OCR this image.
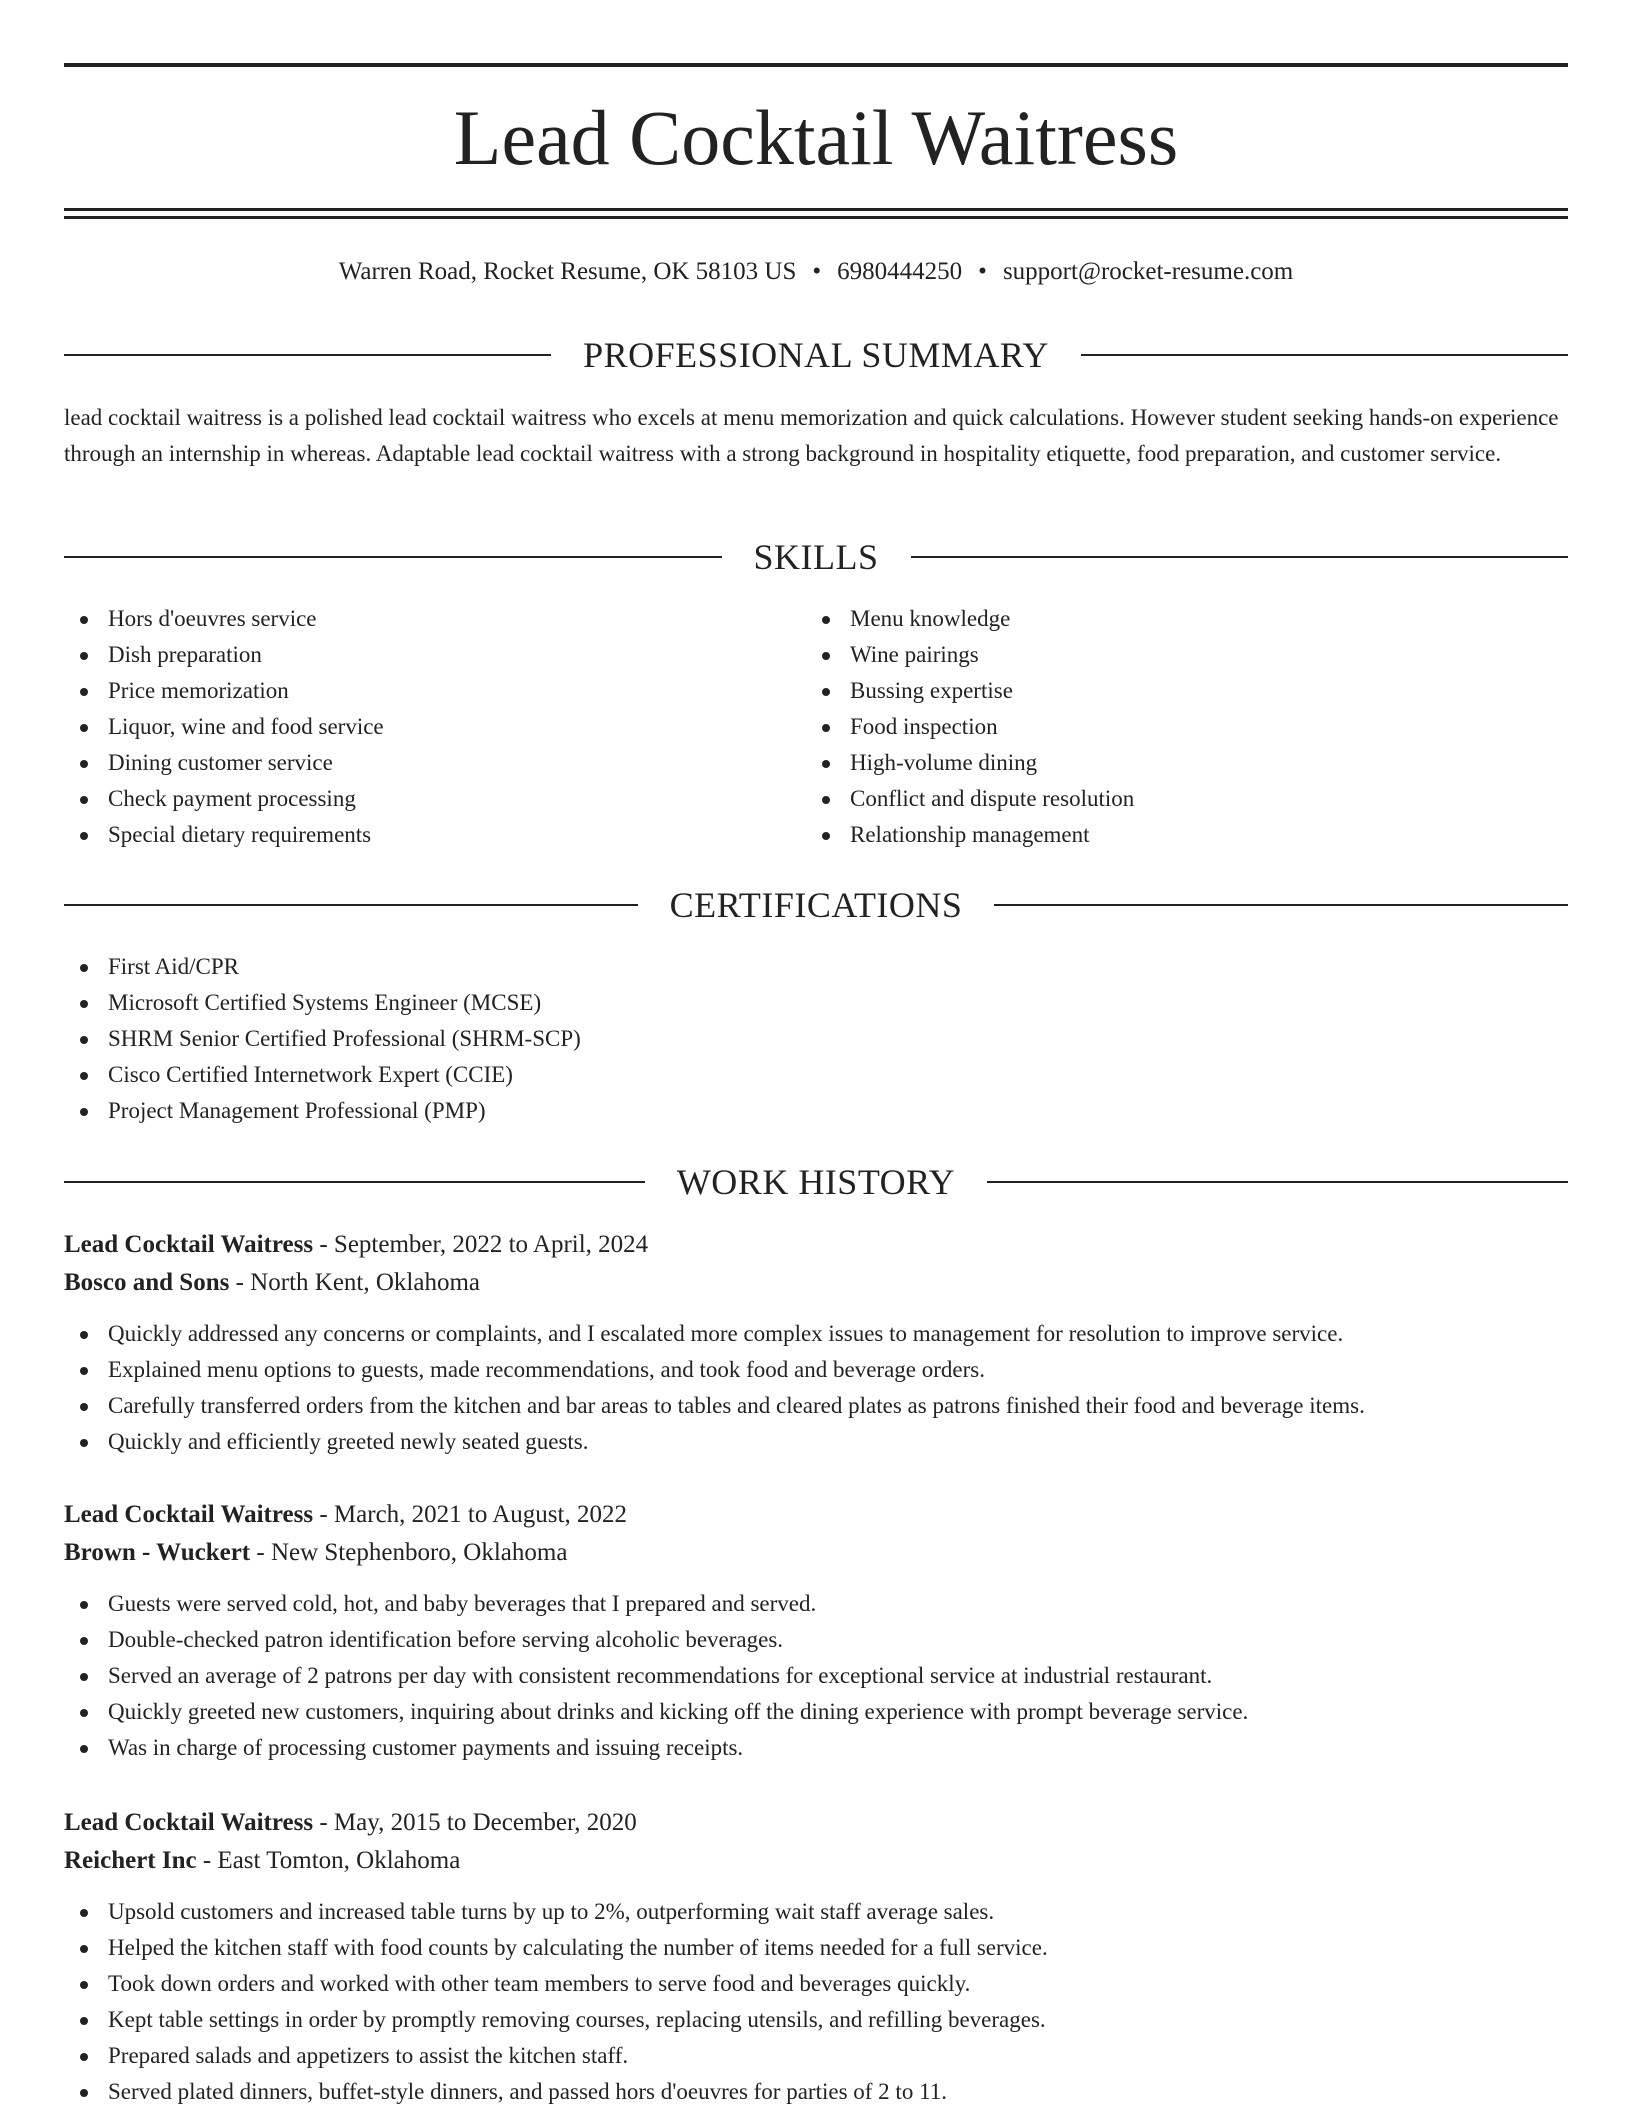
Lead Cocktail Waitress
Warren Road, Rocket Resume, OK 58103 US • 6980444250 • support@rocket-resume.com
PROFESSIONAL SUMMARY
lead cocktail waitress is a polished lead cocktail waitress who excels at menu memorization and quick calculations. However student seeking hands-on experience through an internship in whereas. Adaptable lead cocktail waitress with a strong background in hospitality etiquette, food preparation, and customer service.
SKILLS
Hors d'oeuvres service
Dish preparation
Price memorization
Liquor, wine and food service
Dining customer service
Check payment processing
Special dietary requirements
Menu knowledge
Wine pairings
Bussing expertise
Food inspection
High-volume dining
Conflict and dispute resolution
Relationship management
CERTIFICATIONS
First Aid/CPR
Microsoft Certified Systems Engineer (MCSE)
SHRM Senior Certified Professional (SHRM-SCP)
Cisco Certified Internetwork Expert (CCIE)
Project Management Professional (PMP)
WORK HISTORY
Lead Cocktail Waitress - September, 2022 to April, 2024
Bosco and Sons - North Kent, Oklahoma
Quickly addressed any concerns or complaints, and I escalated more complex issues to management for resolution to improve service.
Explained menu options to guests, made recommendations, and took food and beverage orders.
Carefully transferred orders from the kitchen and bar areas to tables and cleared plates as patrons finished their food and beverage items.
Quickly and efficiently greeted newly seated guests.
Lead Cocktail Waitress - March, 2021 to August, 2022
Brown - Wuckert - New Stephenboro, Oklahoma
Guests were served cold, hot, and baby beverages that I prepared and served.
Double-checked patron identification before serving alcoholic beverages.
Served an average of 2 patrons per day with consistent recommendations for exceptional service at industrial restaurant.
Quickly greeted new customers, inquiring about drinks and kicking off the dining experience with prompt beverage service.
Was in charge of processing customer payments and issuing receipts.
Lead Cocktail Waitress - May, 2015 to December, 2020
Reichert Inc - East Tomton, Oklahoma
Upsold customers and increased table turns by up to 2%, outperforming wait staff average sales.
Helped the kitchen staff with food counts by calculating the number of items needed for a full service.
Took down orders and worked with other team members to serve food and beverages quickly.
Kept table settings in order by promptly removing courses, replacing utensils, and refilling beverages.
Prepared salads and appetizers to assist the kitchen staff.
Served plated dinners, buffet-style dinners, and passed hors d'oeuvres for parties of 2 to 11.
